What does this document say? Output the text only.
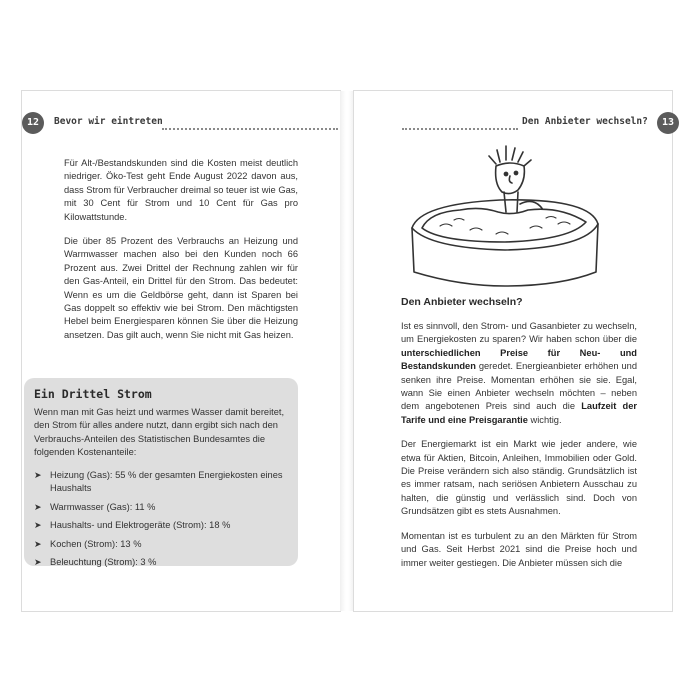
12	Bevor wir eintreten	Den Anbieter wechseln?	13

Für Alt-/Bestandskunden sind die Kosten meist deutlich niedriger. Öko-Test geht Ende August 2022 davon aus, dass Strom für Verbraucher dreimal so teuer ist wie Gas, mit 30 Cent für Strom und 10 Cent für Gas pro Kilowattstunde.

Die über 85 Prozent des Verbrauchs an Heizung und Warmwasser machen also bei den Kunden noch 66 Prozent aus. Zwei Drittel der Rechnung zahlen wir für den Gas-Anteil, ein Drittel für den Strom. Das bedeutet: Wenn es um die Geldbörse geht, dann ist Sparen bei Gas doppelt so effektiv wie bei Strom. Den mächtigsten Hebel beim Energiesparen können Sie über die Heizung ansetzen. Das gilt auch, wenn Sie nicht mit Gas heizen.

Ein Drittel Strom
Wenn man mit Gas heizt und warmes Wasser damit bereitet, den Strom für alles andere nutzt, dann ergibt sich nach den Verbrauchs-Anteilen des Statistischen Bundesamtes die folgenden Kostenanteile:
➤ Heizung (Gas): 55 % der gesamten Energiekosten eines Haushalts
➤ Warmwasser (Gas): 11 %
➤ Haushalts- und Elektrogeräte (Strom): 18 %
➤ Kochen (Strom): 13 %
➤ Beleuchtung (Strom): 3 %
Den Anbieter wechseln?

Ist es sinnvoll, den Strom- und Gasanbieter zu wechseln, um Energiekosten zu sparen? Wir haben schon über die unterschiedlichen Preise für Neu- und Bestandskunden geredet. Energieanbieter erhöhen und senken ihre Preise. Momentan erhöhen sie sie. Egal, wann Sie einen Anbieter wechseln möchten – neben dem angebotenen Preis sind auch die Laufzeit der Tarife und eine Preisgarantie wichtig.

Der Energiemarkt ist ein Markt wie jeder andere, wie etwa für Aktien, Bitcoin, Anleihen, Immobilien oder Gold. Die Preise verändern sich also ständig. Grundsätzlich ist es immer ratsam, nach seriösen Anbietern Ausschau zu halten, die günstig und verlässlich sind. Doch von Grundsätzen gibt es stets Ausnahmen.

Momentan ist es turbulent zu an den Märkten für Strom und Gas. Seit Herbst 2021 sind die Preise hoch und immer weiter gestiegen. Die Anbieter müssen sich die
